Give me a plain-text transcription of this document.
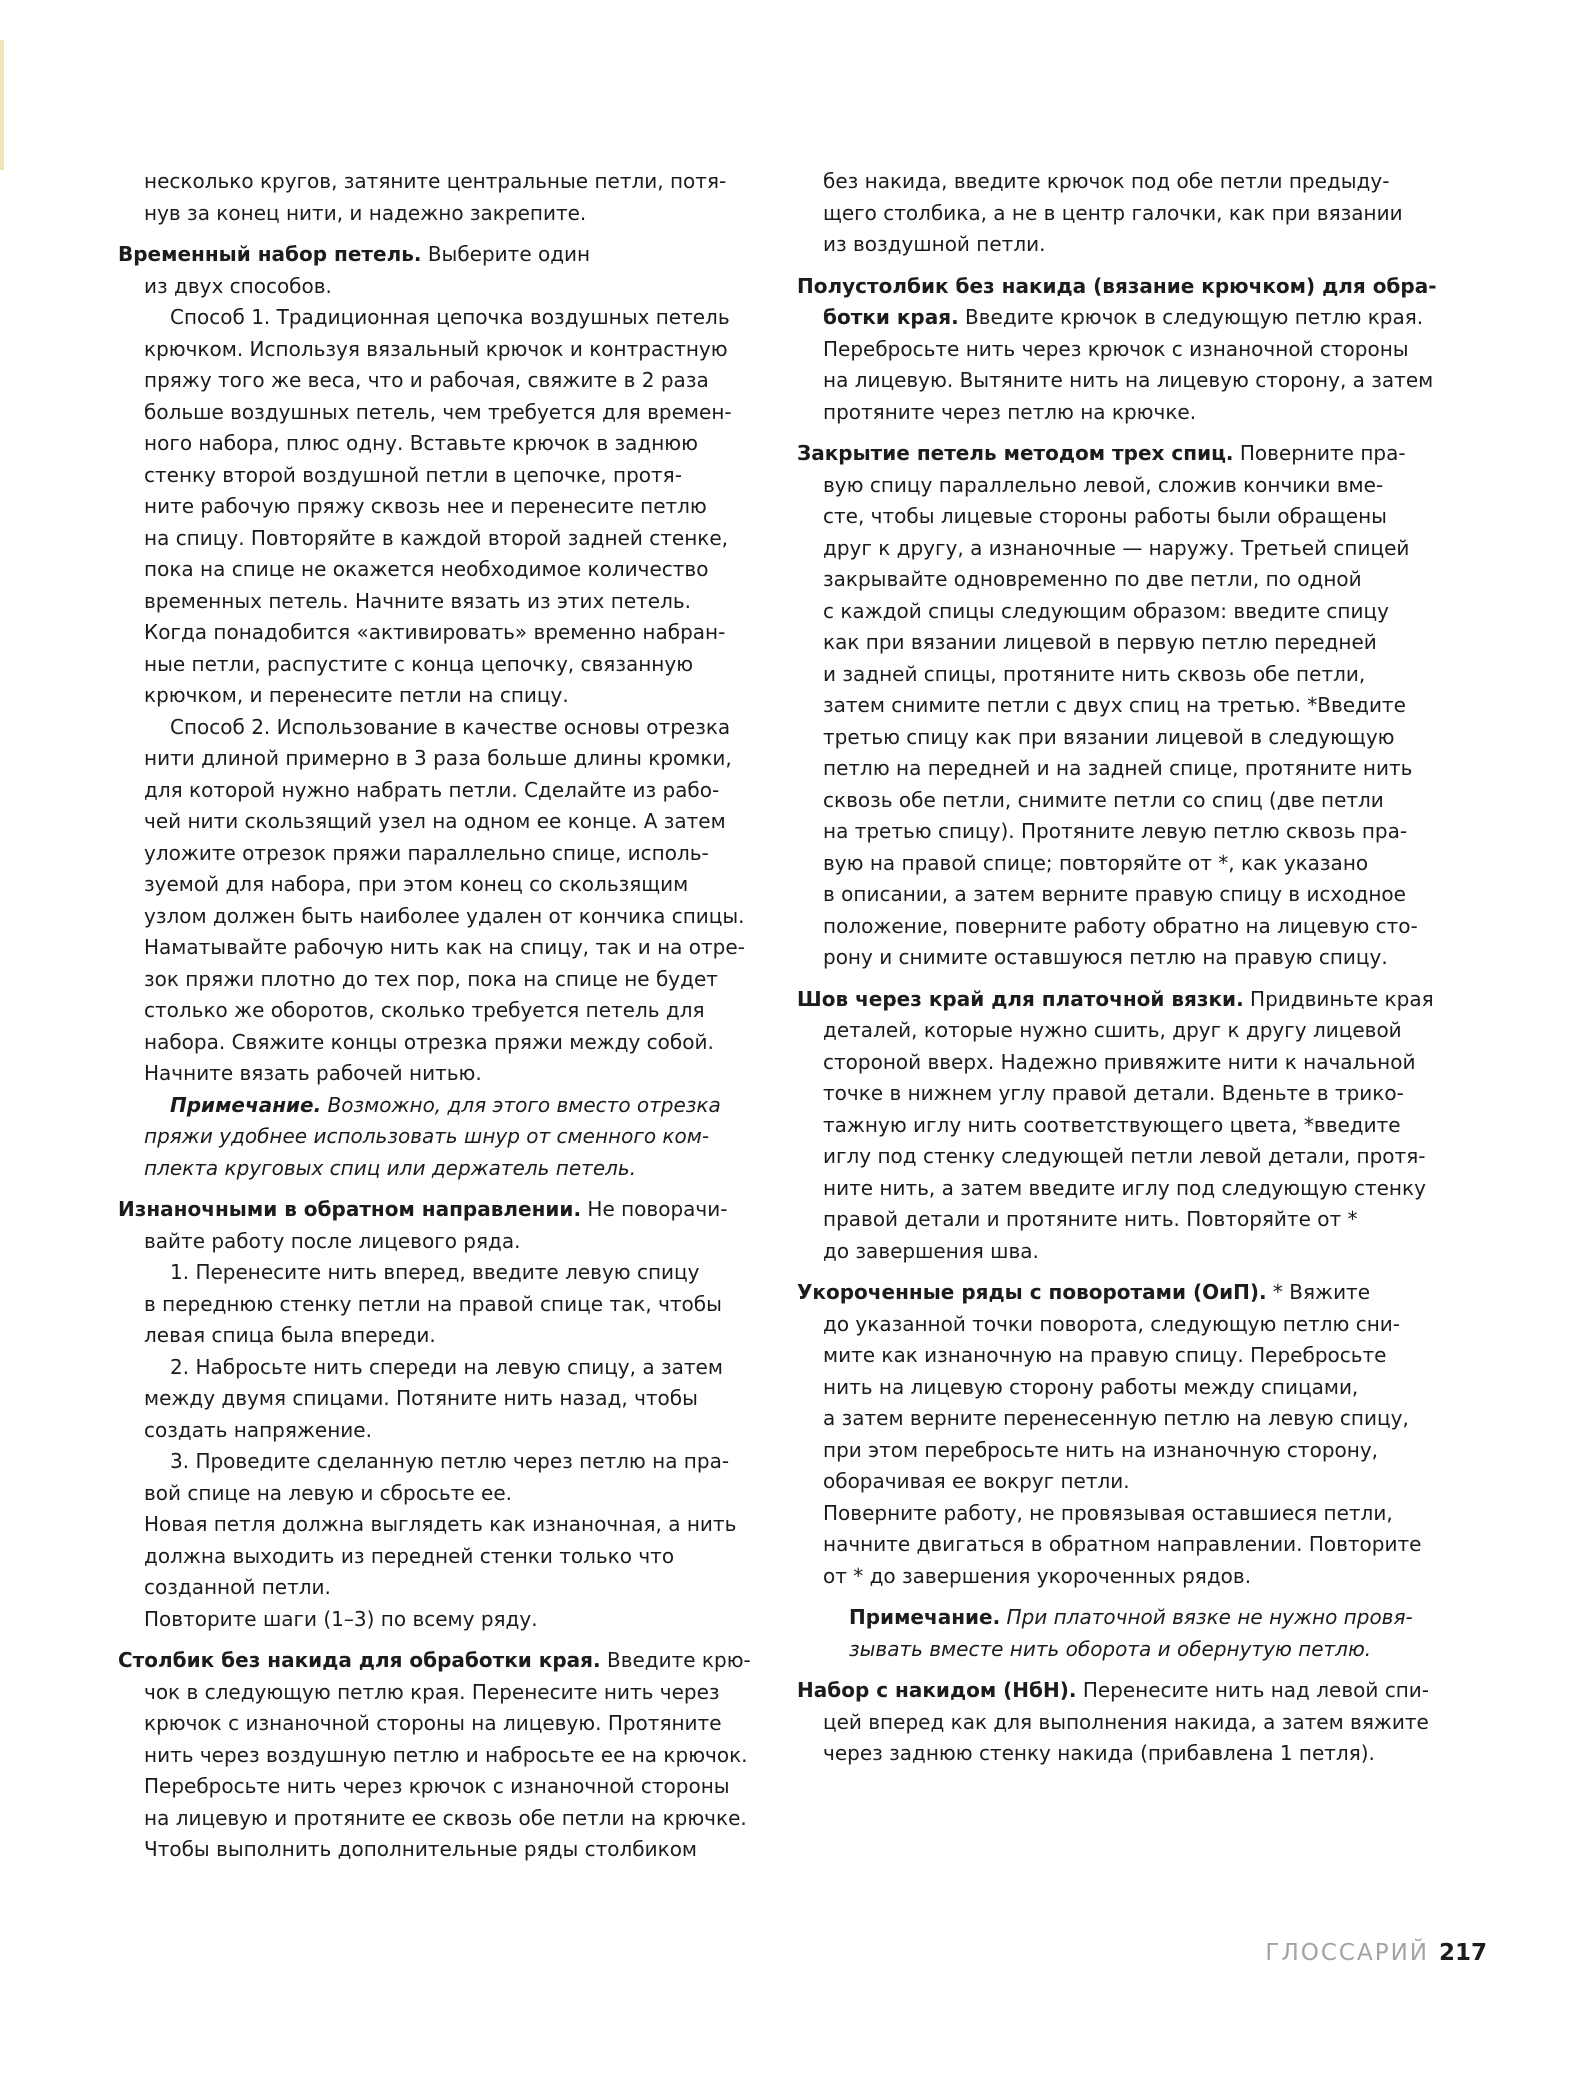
несколько кругов, затяните центральные петли, потя-

нув за конец нити, и надежно закрепите.

Временный набор петель. Выберите один

из двух способов.

Способ 1. Традиционная цепочка воздушных петель

крючком. Используя вязальный крючок и контрастную

пряжу того же веса, что и рабочая, свяжите в 2 раза

больше воздушных петель, чем требуется для времен-

ного набора, плюс одну. Вставьте крючок в заднюю

стенку второй воздушной петли в цепочке, протя-

ните рабочую пряжу сквозь нее и перенесите петлю

на спицу. Повторяйте в каждой второй задней стенке,

пока на спице не окажется необходимое количество

временных петель. Начните вязать из этих петель.

Когда понадобится «активировать» временно набран-

ные петли, распустите с конца цепочку, связанную

крючком, и перенесите петли на спицу.

Способ 2. Использование в качестве основы отрезка

нити длиной примерно в 3 раза больше длины кромки,

для которой нужно набрать петли. Сделайте из рабо-

чей нити скользящий узел на одном ее конце. А затем

уложите отрезок пряжи параллельно спице, исполь-

зуемой для набора, при этом конец со скользящим

узлом должен быть наиболее удален от кончика спицы.

Наматывайте рабочую нить как на спицу, так и на отре-

зок пряжи плотно до тех пор, пока на спице не будет

столько же оборотов, сколько требуется петель для

набора. Свяжите концы отрезка пряжи между собой.

Начните вязать рабочей нитью.

Примечание. Возможно, для этого вместо отрезка

пряжи удобнее использовать шнур от сменного ком-

плекта круговых спиц или держатель петель.

Изнаночными в обратном направлении. Не поворачи-

вайте работу после лицевого ряда.

1. Перенесите нить вперед, введите левую спицу

в переднюю стенку петли на правой спице так, чтобы

левая спица была впереди.

2. Набросьте нить спереди на левую спицу, а затем

между двумя спицами. Потяните нить назад, чтобы

создать напряжение.

3. Проведите сделанную петлю через петлю на пра-

вой спице на левую и сбросьте ее.

Новая петля должна выглядеть как изнаночная, а нить

должна выходить из передней стенки только что

созданной петли.

Повторите шаги (1–3) по всему ряду.

Столбик без накида для обработки края. Введите крю-

чок в следующую петлю края. Перенесите нить через

крючок с изнаночной стороны на лицевую. Протяните

нить через воздушную петлю и набросьте ее на крючок.

Перебросьте нить через крючок с изнаночной стороны

на лицевую и протяните ее сквозь обе петли на крючке.

Чтобы выполнить дополнительные ряды столбиком

без накида, введите крючок под обе петли предыду-

щего столбика, а не в центр галочки, как при вязании

из воздушной петли.

Полустолбик без накида (вязание крючком) для обра-

ботки края. Введите крючок в следующую петлю края.

Перебросьте нить через крючок с изнаночной стороны

на лицевую. Вытяните нить на лицевую сторону, а затем

протяните через петлю на крючке.

Закрытие петель методом трех спиц. Поверните пра-

вую спицу параллельно левой, сложив кончики вме-

сте, чтобы лицевые стороны работы были обращены

друг к другу, а изнаночные — наружу. Третьей спицей

закрывайте одновременно по две петли, по одной

с каждой спицы следующим образом: введите спицу

как при вязании лицевой в первую петлю передней

и задней спицы, протяните нить сквозь обе петли,

затем снимите петли с двух спиц на третью. *Введите

третью спицу как при вязании лицевой в следующую

петлю на передней и на задней спице, протяните нить

сквозь обе петли, снимите петли со спиц (две петли

на третью спицу). Протяните левую петлю сквозь пра-

вую на правой спице; повторяйте от *, как указано

в описании, а затем верните правую спицу в исходное

положение, поверните работу обратно на лицевую сто-

рону и снимите оставшуюся петлю на правую спицу.

Шов через край для платочной вязки. Придвиньте края

деталей, которые нужно сшить, друг к другу лицевой

стороной вверх. Надежно привяжите нити к начальной

точке в нижнем углу правой детали. Вденьте в трико-

тажную иглу нить соответствующего цвета, *введите

иглу под стенку следующей петли левой детали, протя-

ните нить, а затем введите иглу под следующую стенку

правой детали и протяните нить. Повторяйте от *

до завершения шва.

Укороченные ряды с поворотами (ОиП). * Вяжите

до указанной точки поворота, следующую петлю сни-

мите как изнаночную на правую спицу. Перебросьте

нить на лицевую сторону работы между спицами,

а затем верните перенесенную петлю на левую спицу,

при этом перебросьте нить на изнаночную сторону,

оборачивая ее вокруг петли.

Поверните работу, не провязывая оставшиеся петли,

начните двигаться в обратном направлении. Повторите

от * до завершения укороченных рядов.

Примечание. При платочной вязке не нужно провя-

зывать вместе нить оборота и обернутую петлю.

Набор с накидом (НбН). Перенесите нить над левой спи-

цей вперед как для выполнения накида, а затем вяжите

через заднюю стенку накида (прибавлена 1 петля).

ГЛОССАРИЙ 217
